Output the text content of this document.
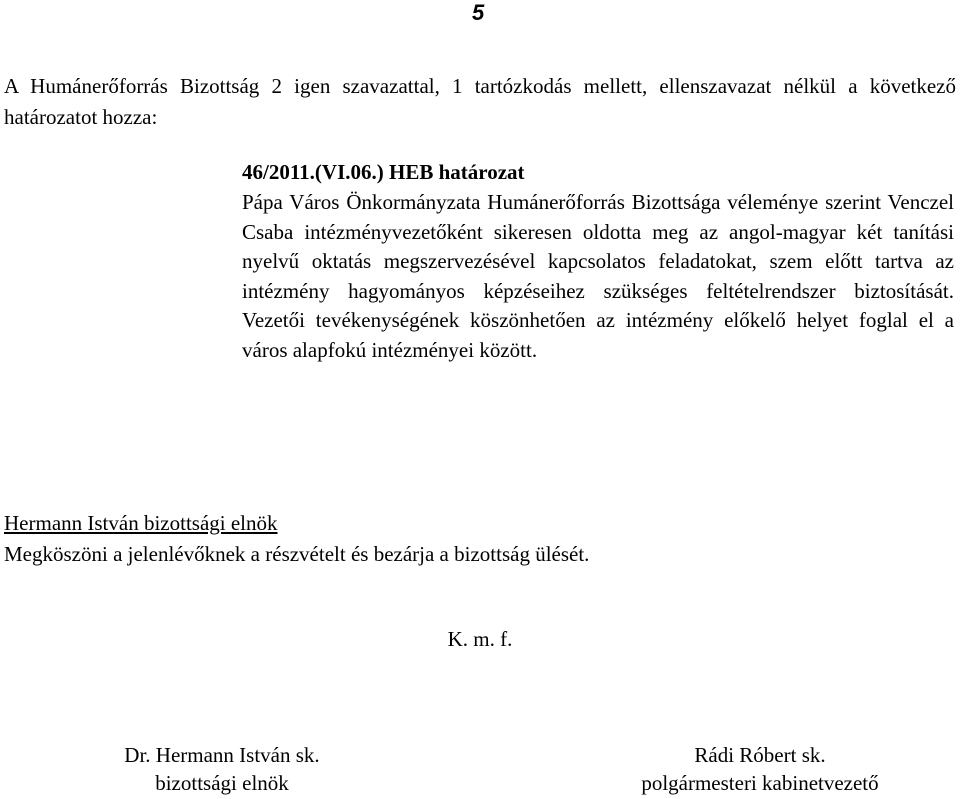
5
A Humánerőforrás Bizottság 2 igen szavazattal, 1 tartózkodás mellett, ellenszavazat nélkül a következő határozatot hozza:
46/2011.(VI.06.) HEB határozat
Pápa Város Önkormányzata Humánerőforrás Bizottsága véleménye szerint Venczel Csaba intézményvezetőként sikeresen oldotta meg az angol-magyar két tanítási nyelvű oktatás megszervezésével kapcsolatos feladatokat, szem előtt tartva az intézmény hagyományos képzéseihez szükséges feltételrendszer biztosítását. Vezetői tevékenységének köszönhetően az intézmény előkelő helyet foglal el a város alapfokú intézményei között.
Hermann István bizottsági elnök
Megköszöni a jelenlévőknek a részvételt és bezárja a bizottság ülését.
K. m. f.
Dr. Hermann István sk.
bizottsági elnök
Rádi Róbert sk.
polgármesteri kabinetvezető
